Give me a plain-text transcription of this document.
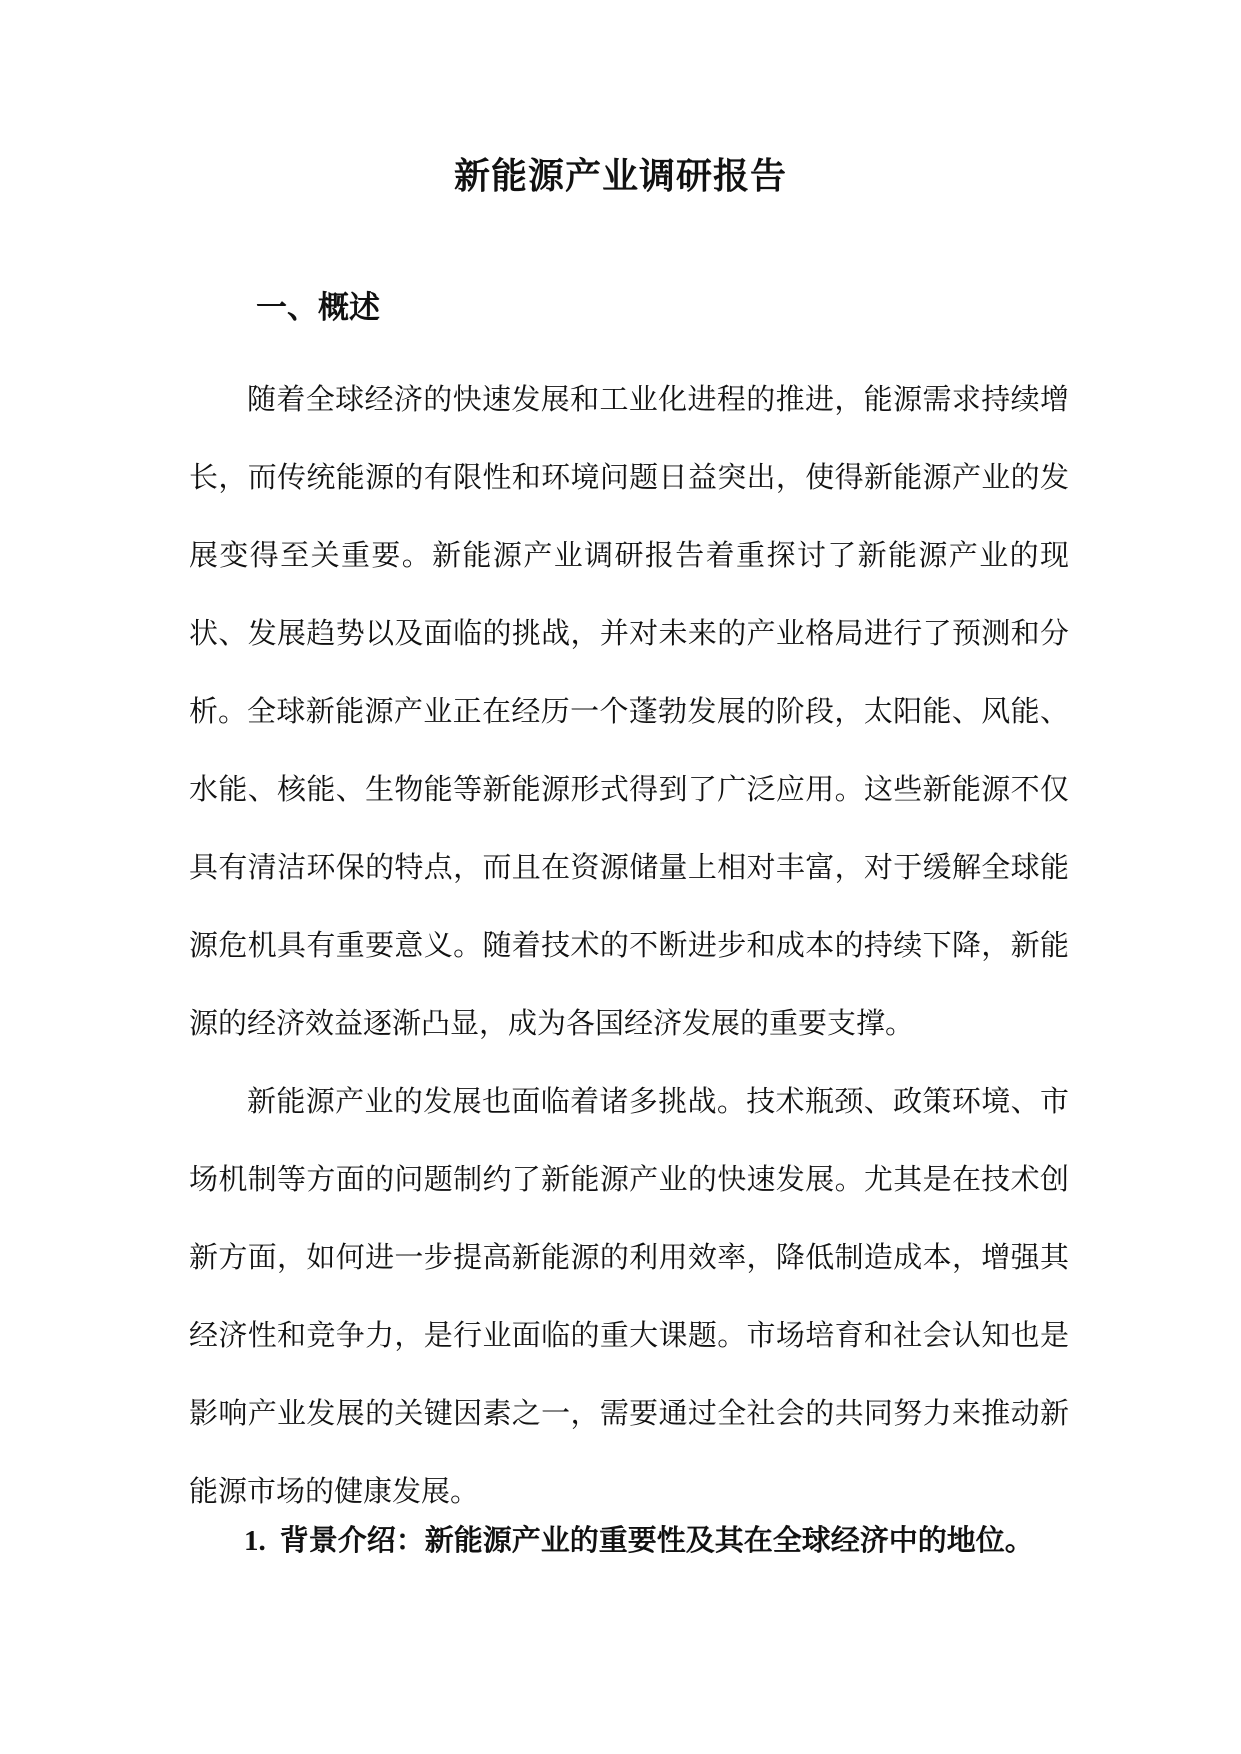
新能源产业调研报告
一、概述

随着全球经济的快速发展和工业化进程的推进，能源需求持续增长，而传统能源的有限性和环境问题日益突出，使得新能源产业的发展变得至关重要。新能源产业调研报告着重探讨了新能源产业的现状、发展趋势以及面临的挑战，并对未来的产业格局进行了预测和分析。 全球新能源产业正在经历一个蓬勃发展的阶段，太阳能、风能、水能、核能、生物能等新能源形式得到了广泛应用。这些新能源不仅具有清洁环保的特点，而且在资源储量上相对丰富，对于缓解全球能源危机具有重要意义。随着技术的不断进步和成本的持续下降，新能源的经济效益逐渐凸显，成为各国经济发展的重要支撑。

新能源产业的发展也面临着诸多挑战。技术瓶颈、政策环境、市场机制等方面的问题制约了新能源产业的快速发展。尤其是在技术创新方面，如何进一步提高新能源的利用效率，降低制造成本，增强其经济性和竞争力，是行业面临的重大课题。市场培育和社会认知也是影响产业发展的关键因素之一，需要通过全社会的共同努力来推动新能源市场的健康发展。

1. 背景介绍：新能源产业的重要性及其在全球经济中的地位。
